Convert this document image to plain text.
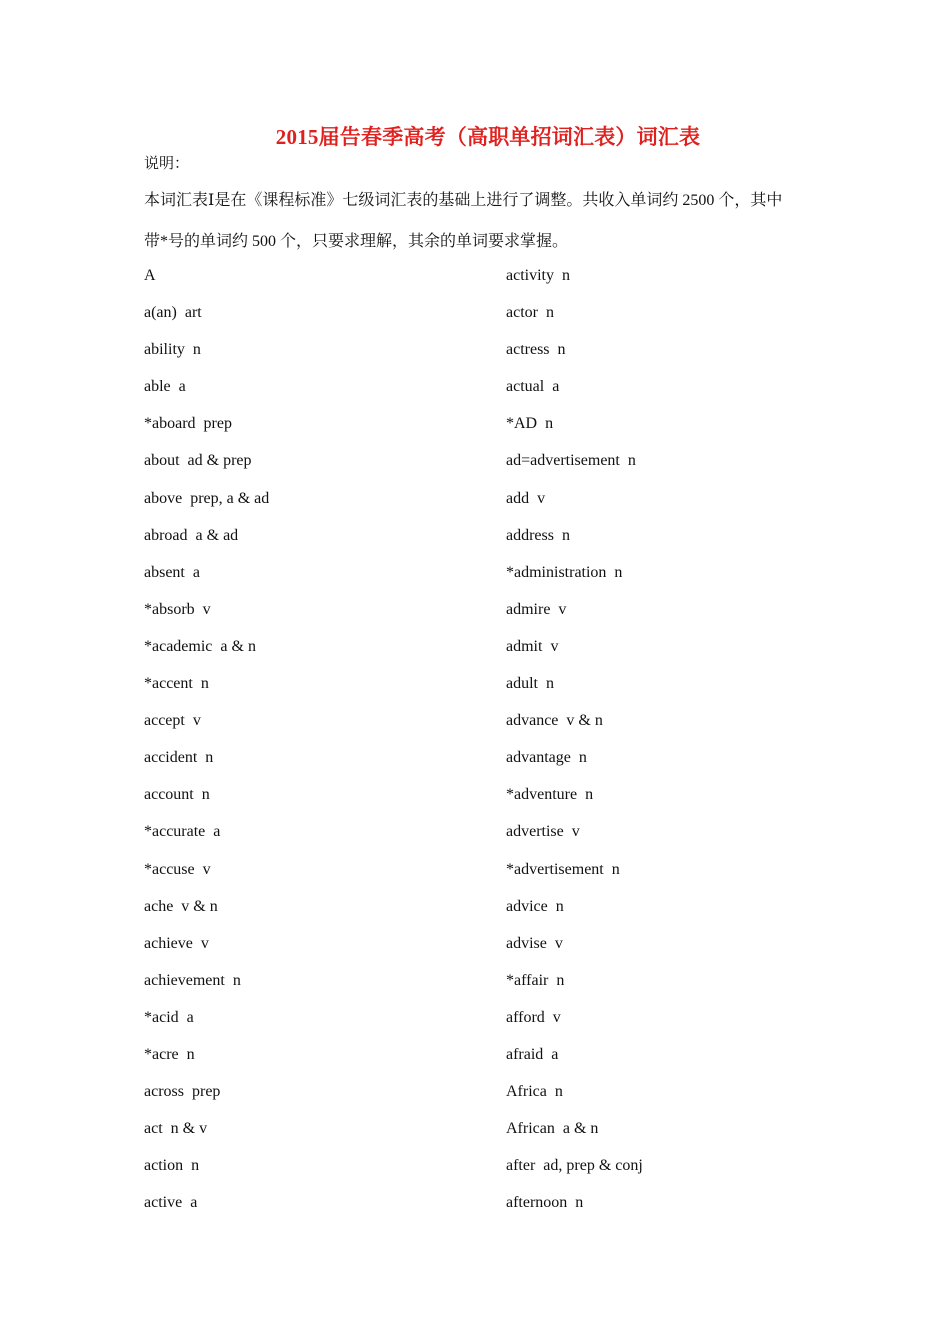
2015届告春季高考（高职单招词汇表）词汇表
说明：
本词汇表Ⅰ是在《课程标准》七级词汇表的基础上进行了调整。共收入单词约 2500 个，其中
带*号的单词约 500 个，只要求理解，其余的单词要求掌握。
A
a(an)  art
ability  n
able  a
*aboard  prep
about  ad & prep
above  prep, a & ad
abroad  a & ad
absent  a
*absorb  v
*academic  a & n
*accent  n
accept  v
accident  n
account  n
*accurate  a
*accuse  v
ache  v & n
achieve  v
achievement  n
*acid  a
*acre  n
across  prep
act  n & v
action  n
active  a
activity  n
actor  n
actress  n
actual  a
*AD  n
ad=advertisement  n
add  v
address  n
*administration  n
admire  v
admit  v
adult  n
advance  v & n
advantage  n
*adventure  n
advertise  v
*advertisement  n
advice  n
advise  v
*affair  n
afford  v
afraid  a
Africa  n
African  a & n
after  ad, prep & conj
afternoon  n
